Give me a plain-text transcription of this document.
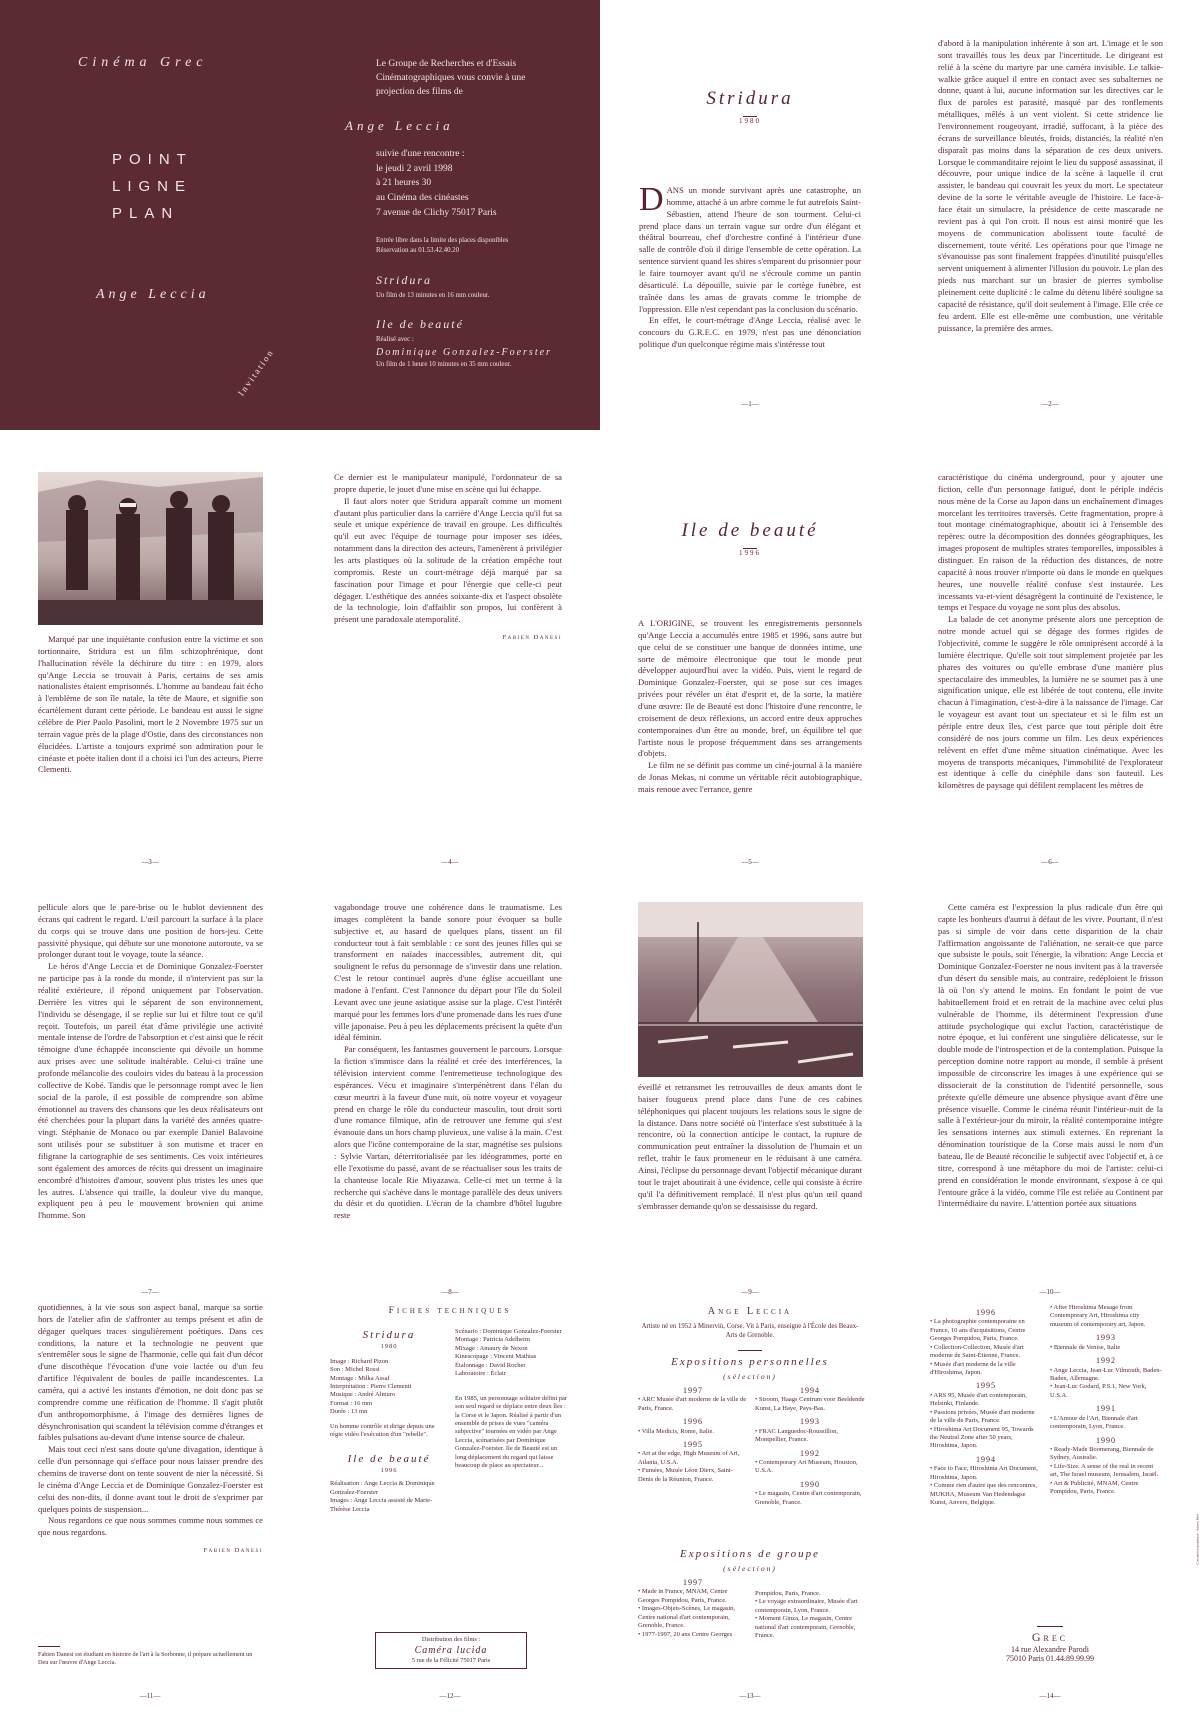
Cinéma Grec
POINT
LIGNE
PLAN
Ange Leccia
Invitation
Le Groupe de Recherches et d'Essais Cinématographiques vous convie à une projection des films de
Ange Leccia
suivie d'une rencontre :
le jeudi 2 avril 1998
à 21 heures 30
au Cinéma des cinéastes
7 avenue de Clichy 75017 Paris
Entrée libre dans la limite des places disponibles
Réservation au 01.53.42.40.20
Stridura
Un film de 13 minutes en 16 mm couleur.
Ile de beauté
Réalisé avec :
Dominique Gonzalez-Foerster
Un film de 1 heure 10 minutes en 35 mm couleur.
Stridura
1980

DANS un monde survivant après une catastrophe, un homme, attaché à un arbre comme le fut autrefois Saint-Sébastien, attend l'heure de son tourment. Celui-ci prend place dans un terrain vague sur ordre d'un élégant et théâtral bourreau, chef d'orchestre confiné à l'intérieur d'une salle de contrôle d'où il dirige l'ensemble de cette opération. La sentence survient quand les sbires s'emparent du prisonnier pour le faire tournoyer avant qu'il ne s'écroule comme un pantin désarticulé. La dépouille, suivie par le cortège funèbre, est traînée dans les amas de gravats comme le triomphe de l'oppression. Elle n'est cependant pas la conclusion du scénario.

En effet, le court-métrage d'Ange Leccia, réalisé avec le concours du G.R.E.C. en 1979, n'est pas une dénonciation politique d'un quelconque régime mais s'intéresse tout

—1—

d'abord à la manipulation inhérente à son art. L'image et le son sont travaillés tous les deux par l'incertitude. Le dirigeant est relié à la scène du martyre par une caméra invisible. Le talkie-walkie grâce auquel il entre en contact avec ses subalternes ne donne, quant à lui, aucune information sur les directives car le flux de paroles est parasité, masqué par des ronflements métalliques, mêlés à un vent violent. Si cette stridence lie l'environnement rougeoyant, irradié, suffocant, à la pièce des écrans de surveillance bleutés, froids, distanciés, la réalité n'en disparaît pas moins dans la séparation de ces deux univers. Lorsque le commanditaire rejoint le lieu du supposé assassinat, il découvre, pour unique indice de la scène à laquelle il crut assister, le bandeau qui couvrait les yeux du mort. Le spectateur devine de la sorte le véritable aveugle de l'histoire. Le face-à-face était un simulacre, la présidence de cette mascarade ne revient pas à qui l'on croit. Il nous est ainsi montré que les moyens de communication abolissent toute faculté de discernement, toute vérité. Les opérations pour que l'image ne s'évanouisse pas sont finalement frappées d'inutilité puisqu'elles servent uniquement à alimenter l'illusion du pouvoir. Le plan des pieds nus marchant sur un brasier de pierres symbolise pleinement cette duplicité : le calme du détenu libéré souligne sa capacité de résistance, qu'il doit seulement à l'image. Elle crée ce feu ardent. Elle est elle-même une combustion, une véritable puissance, la première des armes.

—2—

Marqué par une inquiétante confusion entre la victime et son tortionnaire, Stridura est un film schizophrénique, dont l'hallucination révèle la déchirure du titre : en 1979, alors qu'Ange Leccia se trouvait à Paris, certains de ses amis nationalistes étaient emprisonnés. L'homme au bandeau fait écho à l'emblème de son île natale, la tête de Maure, et signifie son écartèlement durant cette période. Le bandeau est aussi le signe célèbre de Pier Paolo Pasolini, mort le 2 Novembre 1975 sur un terrain vague près de la plage d'Ostie, dans des circonstances non élucidées. L'artiste a toujours exprimé son admiration pour le cinéaste et poète italien dont il a choisi ici l'un des acteurs, Pierre Clementi.

—3—

Ce dernier est le manipulateur manipulé, l'ordonnateur de sa propre duperie, le jouet d'une mise en scène qui lui échappe.

Il faut alors noter que Stridura apparaît comme un moment d'autant plus particulier dans la carrière d'Ange Leccia qu'il fut sa seule et unique expérience de travail en groupe. Les difficultés qu'il eut avec l'équipe de tournage pour imposer ses idées, notamment dans la direction des acteurs, l'amenèrent à privilégier les arts plastiques où la solitude de la création empêche tout compromis. Reste un court-métrage déjà marqué par sa fascination pour l'image et pour l'énergie que celle-ci peut dégager. L'esthétique des années soixante-dix et l'aspect obsolète de la technologie, loin d'affaiblir son propos, lui confèrent à présent une paradoxale atemporalité.

Fabien Danesi
—4—
Ile de beauté
1996

A L'ORIGINE, se trouvent les enregistrements personnels qu'Ange Leccia a accumulés entre 1985 et 1996, sans autre but que celui de se constituer une banque de données intime, une sorte de mémoire électronique que tout le monde peut développer aujourd'hui avec la vidéo. Puis, vient le regard de Dominique Gonzalez-Foerster, qui se pose sur ces images privées pour révéler un état d'esprit et, de la sorte, la matière d'une œuvre: Ile de Beauté est donc l'histoire d'une rencontre, le croisement de deux réflexions, un accord entre deux approches contemporaines d'un être au monde, bref, un équilibre tel que l'artiste nous le propose fréquemment dans ses arrangements d'objets.

Le film ne se définit pas comme un ciné-journal à la manière de Jonas Mekas, ni comme un véritable récit autobiographique, mais renoue avec l'errance, genre

—5—

caractéristique du cinéma underground, pour y ajouter une fiction, celle d'un personnage fatigué, dont le périple indécis nous mène de la Corse au Japon dans un enchaînement d'images morcelant les territoires traversés. Cette fragmentation, propre à tout montage cinématographique, aboutit ici à l'ensemble des repères: outre la décomposition des données géographiques, les images proposent de multiples strates temporelles, impossibles à distinguer. En raison de la réduction des distances, de notre capacité à nous trouver n'importe où dans le monde en quelques heures, une nouvelle réalité confuse s'est instaurée. Les incessants va-et-vient désagrègent la continuité de l'existence, le temps et l'espace du voyage ne sont plus des absolus.

La balade de cet anonyme présente alors une perception de notre monde actuel qui se dégage des formes rigides de l'objectivité, comme le suggère le rôle omniprésent accordé à la lumière électrique. Qu'elle soit tout simplement projetée par les phares des voitures ou qu'elle embrase d'une manière plus spectaculaire des immeubles, la lumière ne se soumet pas à une signification unique, elle est libérée de tout contenu, elle invite chacun à l'imagination, c'est-à-dire à la naissance de l'image. Car le voyageur est avant tout un spectateur et si le film est un périple entre deux îles, c'est parce que tout périple doit être considéré de nos jours comme un film. Les deux expériences relèvent en effet d'une même situation cinématique. Avec les moyens de transports mécaniques, l'immobilité de l'explorateur est identique à celle du cinéphile dans son fauteuil. Les kilomètres de paysage qui défilent remplacent les mètres de

—6—

pellicule alors que le pare-brise ou le hublot deviennent des écrans qui cadrent le regard. L'œil parcourt la surface à la place du corps qui se trouve dans une position de hors-jeu. Cette passivité physique, qui débute sur une monotone autoroute, va se prolonger durant tout le voyage, toute la séance.

Le héros d'Ange Leccia et de Dominique Gonzalez-Foerster ne participe pas à la ronde du monde, il n'intervient pas sur la réalité extérieure, il répond uniquement par l'observation. Derrière les vitres qui le séparent de son environnement, l'individu se désengage, il se replie sur lui et filtre tout ce qu'il reçoit. Toutefois, un pareil état d'âme privilégie une activité mentale intense de l'ordre de l'absorption et c'est ainsi que le récit témoigne d'une échappée inconsciente qui dévoile un homme aux prises avec une solitude inaltérable. Celui-ci traîne une profonde mélancolie des couloirs vides du bateau à la procession collective de Kobé. Tandis que le personnage rompt avec le lien social de la parole, il est possible de comprendre son abîme émotionnel au travers des chansons que les deux réalisateurs ont été cherchées pour la plupart dans la variété des années quatre-vingt. Stéphanie de Monaco ou par exemple Daniel Balavoine sont utilisés pour se substituer à son mutisme et tracer en filigrane la cartographie de ses sentiments. Ces voix intérieures sont également des amorces de récits qui dressent un imaginaire encombré d'histoires d'amour, souvent plus tristes les unes que les autres. L'absence qui traille, la douleur vive du manque, expliquent peu à peu le mouvement brownien qui anime l'homme. Son

—7—

vagabondage trouve une cohérence dans le traumatisme. Les images complètent la bande sonore pour évoquer sa bulle subjective et, au hasard de quelques plans, tissent un fil conducteur tout à fait semblable : ce sont des jeunes filles qui se transforment en naïades inaccessibles, autrement dit, qui soulignent le refus du personnage de s'investir dans une relation. C'est le retour continuel auprès d'une église accueillant une madone à l'enfant. C'est l'annonce du départ pour l'île du Soleil Levant avec une jeune asiatique assise sur la plage. C'est l'intérêt marqué pour les femmes lors d'une promenade dans les rues d'une ville japonaise. Peu à peu les déplacements précisent la quête d'un idéal féminin.

Par conséquent, les fantasmes gouvernent le parcours. Lorsque la fiction s'immisce dans la réalité et crée des interférences, la télévision intervient comme l'entremetteuse technologique des espérances. Vécu et imaginaire s'interpénètrent dans l'élan du cœur meurtri à la faveur d'une nuit, où notre voyeur et voyageur prend en charge le rôle du conducteur masculin, tout droit sorti d'une romance filmique, afin de retrouver une femme qui s'est évanouie dans un hors champ pluvieux, une valise à la main. C'est alors que l'icône contemporaine de la star, magnétise ses pulsions : Sylvie Vartan, déterritorialisée par les idéogrammes, porte en elle l'exotisme du passé, avant de se réactualiser sous les traits de la chanteuse locale Rie Miyazawa. Celle-ci met un terme à la recherche qui s'achève dans le montage parallèle des deux univers du désir et du quotidien. L'écran de la chambre d'hôtel lugubre reste

—8—

éveillé et retransmet les retrouvailles de deux amants dont le baiser fougueux prend place dans l'une de ces cabines téléphoniques qui placent toujours les relations sous le signe de la distance. Dans notre société où l'interface s'est substituée à la rencontre, où la connection anticipe le contact, la rupture de communication peut entraîner la dissolution de l'humain et un reflet, trahir le faux promeneur en le réduisant à une caméra. Ainsi, l'éclipse du personnage devant l'objectif mécanique durant tout le trajet aboutirait à une évidence, celle qui consiste à écrire qu'il l'a définitivement remplacé. Il n'est plus qu'un œil quand s'embrasser demande qu'on se dessaisisse du regard.

—9—

Cette caméra est l'expression la plus radicale d'un être qui capte les bonheurs d'autrui à défaut de les vivre. Pourtant, il n'est pas si simple de voir dans cette disparition de la chair l'affirmation angoissante de l'aliénation, ne serait-ce que parce que subsiste le pouls, soit l'énergie, la vibration: Ange Leccia et Dominique Gonzalez-Foerster ne nous invitent pas à la traversée d'un désert du sensible mais, au contraire, redéploient le frisson là où l'on s'y attend le moins. En fondant le point de vue habituellement froid et en retrait de la machine avec celui plus vulnérable de l'homme, ils déterminent l'expression d'une attitude psychologique qui exclut l'action, caractéristique de notre époque, et lui confèrent une singulière délicatesse, sur le double mode de l'introspection et de la contemplation. Puisque la perception domine notre rapport au monde, il semble à présent impossible de circonscrire les images à une expérience qui se dissocierait de la constitution de l'identité personnelle, sous prétexte qu'elle démeure une absence physique avant d'être une présence visuelle. Comme le cinéma réunit l'intérieur-nuit de la salle à l'extérieur-jour du miroir, la réalité contemporaine intègre les sensations internes aux stimuli externes. En reprenant la dénomination touristique de la Corse mais aussi le nom d'un bateau, Ile de Beauté réconcilie le subjectif avec l'objectif et, à ce titre, correspond à une métaphore du moi de l'artiste: celui-ci prend en considération le monde environnant, s'expose à ce qui l'entoure grâce à la vidéo, comme l'île est reliée au Continent par l'intermédiaire du navire. L'attention portée aux situations

—10—

quotidiennes, à la vie sous son aspect banal, marque sa sortie hors de l'atelier afin de s'affronter au temps présent et afin de dégager quelques traces singulièrement poétiques. Dans ces conditions, la nature et la technologie ne peuvent que s'entremêler sous le signe de l'harmonie, celle qui fait d'un décor d'une discothèque l'évocation d'une voie lactée ou d'un feu d'artifice l'équivalent de boules de paille incandescentes. La caméra, qui a activé les instants d'émotion, ne doit donc pas se comprendre comme une réification de l'homme. Il s'agit plutôt d'un anthropomorphisme, à l'image des dernières lignes de désynchronisation qui scandent la télévision comme d'étranges et faibles pulsations au-devant d'une intense source de chaleur.

Mais tout ceci n'est sans doute qu'une divagation, identique à celle d'un personnage qui s'efface pour nous laisser prendre des chemins de traverse dont on tente souvent de nier la nécessité. Si le cinéma d'Ange Leccia et de Dominique Gonzalez-Foerster est celui des non-dits, il donne avant tout le droit de s'exprimer par quelques points de suspension...

Nous regardons ce que nous sommes comme nous sommes ce que nous regardons.

Fabien Danesi
Fabien Danesi est étudiant en histoire de l'art à la Sorbonne, il prépare actuellement un Deu sur l'œuvre d'Ange Leccia.
—11—
Fiches techniques
Stridura
1980
Image : Richard Pizon
Son : Michel Rossi
Montage : Milka Assaf
Interprétation : Pierre Clementi
Musique : André Almuro
Format : 16 mm
Durée : 13 mn
Un homme contrôle et dirige depuis une régie vidéo l'exécution d'un "rebelle".
Ile de beauté
1996
Réalisation : Ange Leccia & Dominique Gonzalez-Foerster
Images : Ange Leccia assisté de Marie-Thérèse Leccia
Scénario : Dominique Gonzalez-Foerster
Montage : Patricia Adelheim
Mixage : Amaury de Nexon
Kinescopage : Vincent Mathias
Étalonnage : David Rocher
Laboratoire : Éclair
En 1985, un personnage solitaire défini par son seul regard se déplace entre deux îles : la Corse et le Japon. Réalisé à partir d'un ensemble de prises de vues "caméra subjective" tournées en vidéo par Ange Leccia, scénarisées par Dominique Gonzalez-Foerster. Ile de Beauté est un long déplacement du regard qui laisse beaucoup de place au spectateur...
Distribution des films :
Caméra lucida
5 rue de la Félicité 75017 Paris
—12—
Ange Leccia
Artiste né en 1952 à Minerviù, Corse. Vit à Paris, enseigne à l'École des Beaux-Arts de Grenoble.
Expositions personnelles
(sélection)
1997
• ARC Musée d'art moderne de la ville de Paris, France.
1996
• Villa Medicis, Rome, Italie.
1995
• Art at the edge, High Museum of Art, Atlanta, U.S.A.
• Fumées, Musée Léon Dierx, Saint-Denis de la Réunion, France.
1994
• Stroom, Haags Centrum voor Beeldende Kunst, La Haye, Pays-Bas.
1993
• FRAC Languedoc-Roussillon, Montpellier, France.
1992
• Contemporary Art Museum, Houston, U.S.A.
1990
• Le magasin, Centre d'art contemporain, Grenoble, France.
Expositions de groupe
(sélection)
1997
• Made in France, MNAM, Centre Georges Pompidou, Paris, France.
• Images-Objets-Scènes, Le magasin, Centre national d'art contemporain, Grenoble, France.
• 1977-1997, 20 ans Centre Georges
Pompidou, Paris, France.
• Le voyage extraordinaire, Musée d'art contemporain, Lyon, France.
• Moment Ginza, Le magasin, Centre national d'art contemporain, Grenoble, France.
—13—
1996
• La photographie contemporaine en France, 10 ans d'acquisitions, Centre Georges Pompidou, Paris, France.
• Collection-Collection, Musée d'art moderne de Saint-Étienne, France.
• Musée d'art moderne de la ville d'Hiroshima, Japon.
1995
• ARS 95, Musée d'art contemporain, Helsinki, Finlande.
• Passions privées, Musée d'art moderne de la ville de Paris, France.
• Hiroshima Art Document 95, Towards the Neutral Zone after 50 years, Hiroshima, Japon.
1994
• Face to Face, Hiroshima Art Document, Hiroshima, Japon.
• Comme rien d'autre que des rencontres, MUKHA, Museum Van Hedendagse Kunst, Anvers, Belgique.
• After Hiroshima Mesage from Contemporary Art, Hiroshima city museum of contemporary art, Japon.
1993
• Biennale de Venise, Italie
1992
• Ange Leccia, Jean-Luc Vilmouth, Baden-Baden, Allemagne.
• Jean-Luc Godard, P.S.1, New York, U.S.A.
1991
• L'Amour de l'Art, Biennale d'art contemporain, Lyon, France.
1990
• Ready-Made Boomerang, Biennale de Sydney, Australie.
• Life-Size. A sense of the real in recent art, The Israel museum, Jerusalem, Israël.
• Art & Publicité, MNAM, Centre Pompidou, Paris, France.
Grec
14 rue Alexandre Parodi
75010 Paris 01.44.89.99.99
Conception graphique : Adrien Pitel
—14—
